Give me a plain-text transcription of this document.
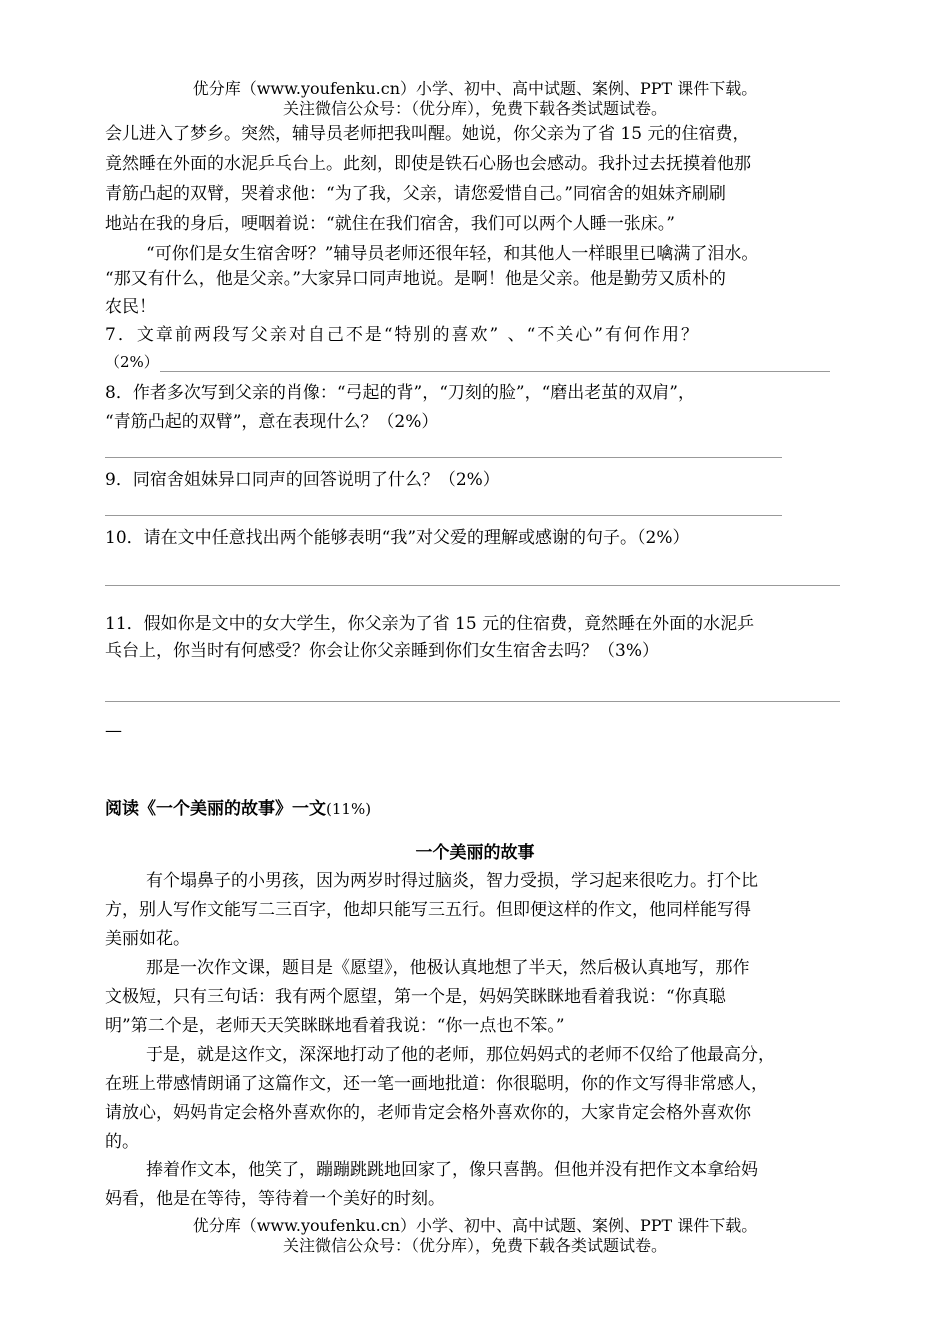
优分库（www.youfenku.cn）小学、初中、高中试题、案例、PPT 课件下载。
关注微信公众号：（优分库），免费下载各类试题试卷。
会儿进入了梦乡。突然，辅导员老师把我叫醒。她说，你父亲为了省 15 元的住宿费，
竟然睡在外面的水泥乒乓台上。此刻，即使是铁石心肠也会感动。我扑过去抚摸着他那
青筋凸起的双臂，哭着求他：“为了我，父亲，请您爱惜自己。”同宿舍的姐妹齐刷刷
地站在我的身后，哽咽着说：“就住在我们宿舍，我们可以两个人睡一张床。”
“可你们是女生宿舍呀？”辅导员老师还很年轻，和其他人一样眼里已噙满了泪水。
“那又有什么，他是父亲。”大家异口同声地说。是啊！他是父亲。他是勤劳又质朴的
农民！
7．文章前两段写父亲对自己不是“特别的喜欢” 、“不关心”有何作用？
（2%）
8．作者多次写到父亲的肖像：“弓起的背”，“刀刻的脸”，“磨出老茧的双肩”，
“青筋凸起的双臂”，意在表现什么？（2%）
9．同宿舍姐妹异口同声的回答说明了什么？（2%）
10．请在文中任意找出两个能够表明“我”对父爱的理解或感谢的句子。（2%）
11．假如你是文中的女大学生，你父亲为了省 15 元的住宿费，竟然睡在外面的水泥乒
乓台上，你当时有何感受？你会让你父亲睡到你们女生宿舍去吗？（3%）
—
阅读《一个美丽的故事》一文(11%)
一个美丽的故事
有个塌鼻子的小男孩，因为两岁时得过脑炎，智力受损，学习起来很吃力。打个比
方，别人写作文能写二三百字，他却只能写三五行。但即便这样的作文，他同样能写得
美丽如花。
那是一次作文课，题目是《愿望》，他极认真地想了半天，然后极认真地写，那作
文极短，只有三句话：我有两个愿望，第一个是，妈妈笑眯眯地看着我说：“你真聪
明”第二个是，老师天天笑眯眯地看着我说：“你一点也不笨。”
于是，就是这作文，深深地打动了他的老师，那位妈妈式的老师不仅给了他最高分，
在班上带感情朗诵了这篇作文，还一笔一画地批道：你很聪明，你的作文写得非常感人，
请放心，妈妈肯定会格外喜欢你的，老师肯定会格外喜欢你的，大家肯定会格外喜欢你
的。
捧着作文本，他笑了，蹦蹦跳跳地回家了，像只喜鹊。但他并没有把作文本拿给妈
妈看，他是在等待，等待着一个美好的时刻。
优分库（www.youfenku.cn）小学、初中、高中试题、案例、PPT 课件下载。
关注微信公众号：（优分库），免费下载各类试题试卷。
